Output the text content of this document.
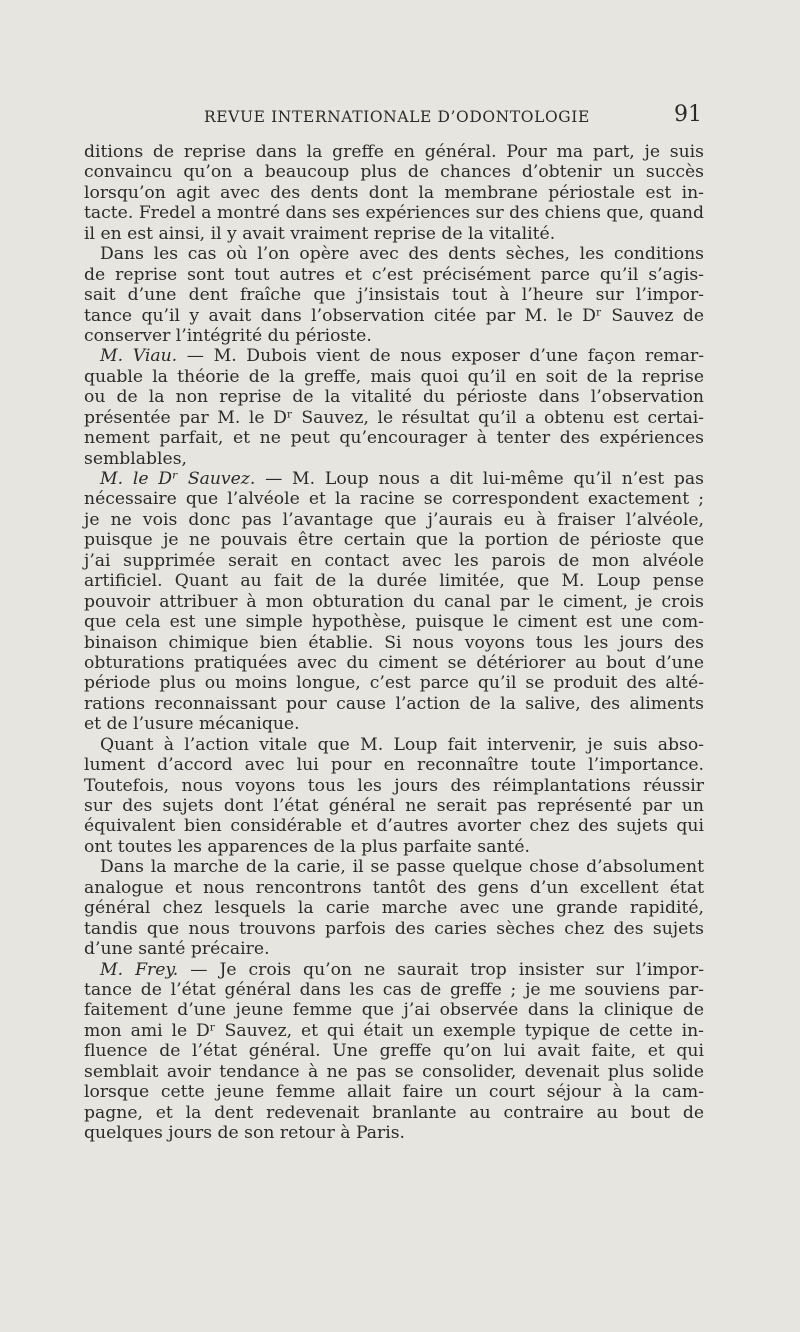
REVUE INTERNATIONALE D’ODONTOLOGIE	91
ditions de reprise dans la greffe en général. Pour ma part, je suis
convaincu qu’on a beaucoup plus de chances d’obtenir un succès
lorsqu’on agit avec des dents dont la membrane périostale est in-
tacte. Fredel a montré dans ses expériences sur des chiens que, quand
il en est ainsi, il y avait vraiment reprise de la vitalité.
Dans les cas où l’on opère avec des dents sèches, les conditions
de reprise sont tout autres et c’est précisément parce qu’il s’agis-
sait d’une dent fraîche que j’insistais tout à l’heure sur l’impor-
tance qu’il y avait dans l’observation citée par M. le Dʳ Sauvez de
conserver l’intégrité du périoste.
M. Viau. — M. Dubois vient de nous exposer d’une façon remar-
quable la théorie de la greffe, mais quoi qu’il en soit de la reprise
ou de la non reprise de la vitalité du périoste dans l’observation
présentée par M. le Dʳ Sauvez, le résultat qu’il a obtenu est certai-
nement parfait, et ne peut qu’encourager à tenter des expériences
semblables,
M. le Dʳ Sauvez. — M. Loup nous a dit lui-même qu’il n’est pas
nécessaire que l’alvéole et la racine se correspondent exactement ;
je ne vois donc pas l’avantage que j’aurais eu à fraiser l’alvéole,
puisque je ne pouvais être certain que la portion de périoste que
j’ai supprimée serait en contact avec les parois de mon alvéole
artificiel. Quant au fait de la durée limitée, que M. Loup pense
pouvoir attribuer à mon obturation du canal par le ciment, je crois
que cela est une simple hypothèse, puisque le ciment est une com-
binaison chimique bien établie. Si nous voyons tous les jours des
obturations pratiquées avec du ciment se détériorer au bout d’une
période plus ou moins longue, c’est parce qu’il se produit des alté-
rations reconnaissant pour cause l’action de la salive, des aliments
et de l’usure mécanique.
Quant à l’action vitale que M. Loup fait intervenir, je suis abso-
lument d’accord avec lui pour en reconnaître toute l’importance.
Toutefois, nous voyons tous les jours des réimplantations réussir
sur des sujets dont l’état général ne serait pas représenté par un
équivalent bien considérable et d’autres avorter chez des sujets qui
ont toutes les apparences de la plus parfaite santé.
Dans la marche de la carie, il se passe quelque chose d’absolument
analogue et nous rencontrons tantôt des gens d’un excellent état
général chez lesquels la carie marche avec une grande rapidité,
tandis que nous trouvons parfois des caries sèches chez des sujets
d’une santé précaire.
M. Frey. — Je crois qu’on ne saurait trop insister sur l’impor-
tance de l’état général dans les cas de greffe ; je me souviens par-
faitement d’une jeune femme que j’ai observée dans la clinique de
mon ami le Dʳ Sauvez, et qui était un exemple typique de cette in-
fluence de l’état général. Une greffe qu’on lui avait faite, et qui
semblait avoir tendance à ne pas se consolider, devenait plus solide
lorsque cette jeune femme allait faire un court séjour à la cam-
pagne, et la dent redevenait branlante au contraire au bout de
quelques jours de son retour à Paris.
